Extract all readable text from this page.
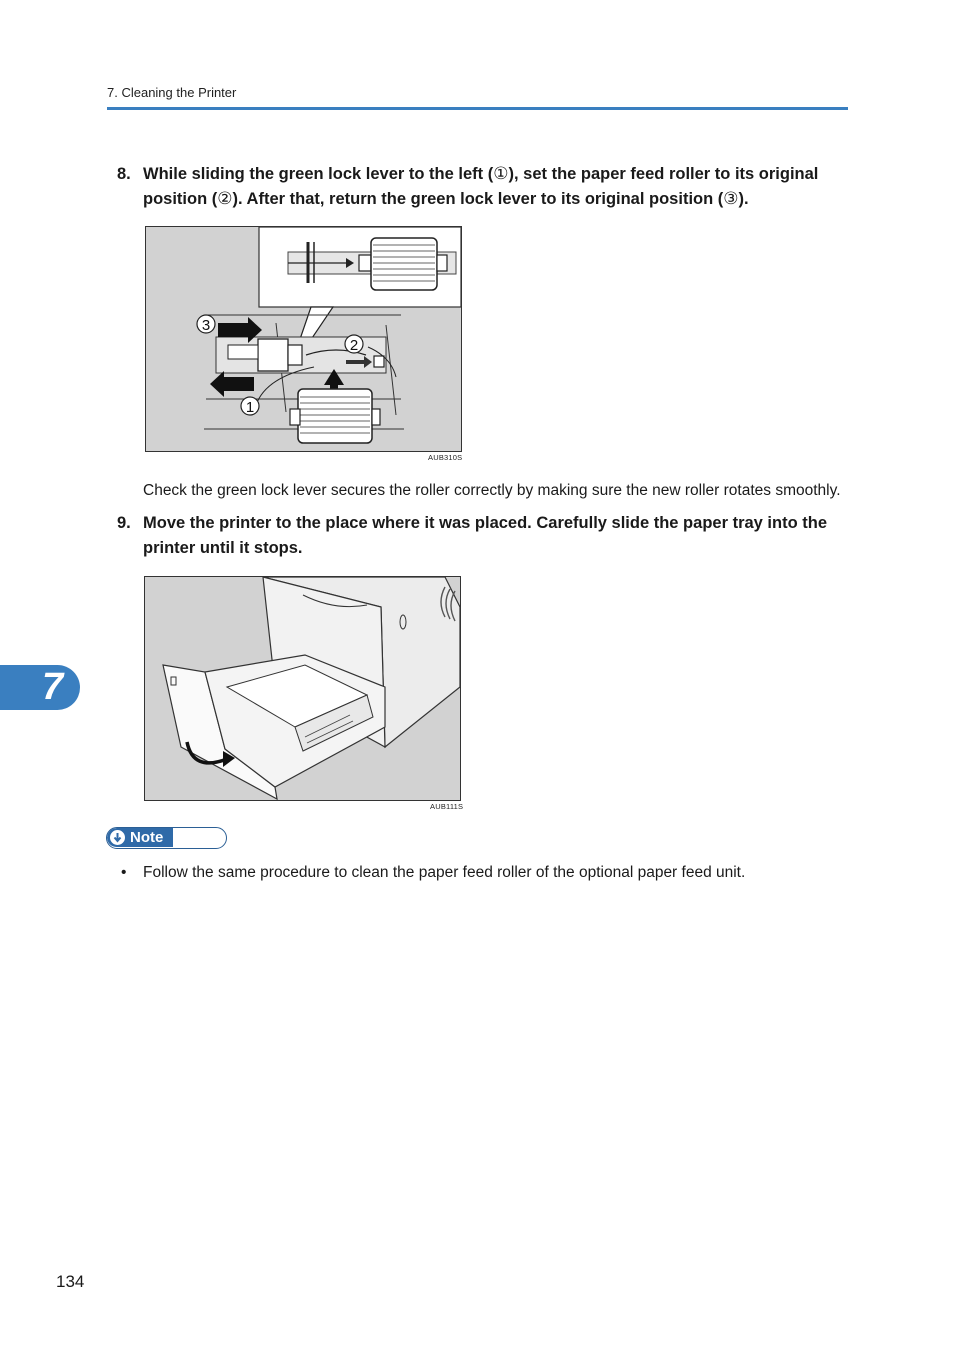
7. Cleaning the Printer
8. While sliding the green lock lever to the left (①), set the paper feed roller to its original
position (②). After that, return the green lock lever to its original position (③).
3
2
1
AUB310S
Check the green lock lever secures the roller correctly by making sure the new roller rotates smoothly.
9. Move the printer to the place where it was placed. Carefully slide the paper tray into the
printer until it stops.
AUB111S
Note
• Follow the same procedure to clean the paper feed roller of the optional paper feed unit.
7
134
